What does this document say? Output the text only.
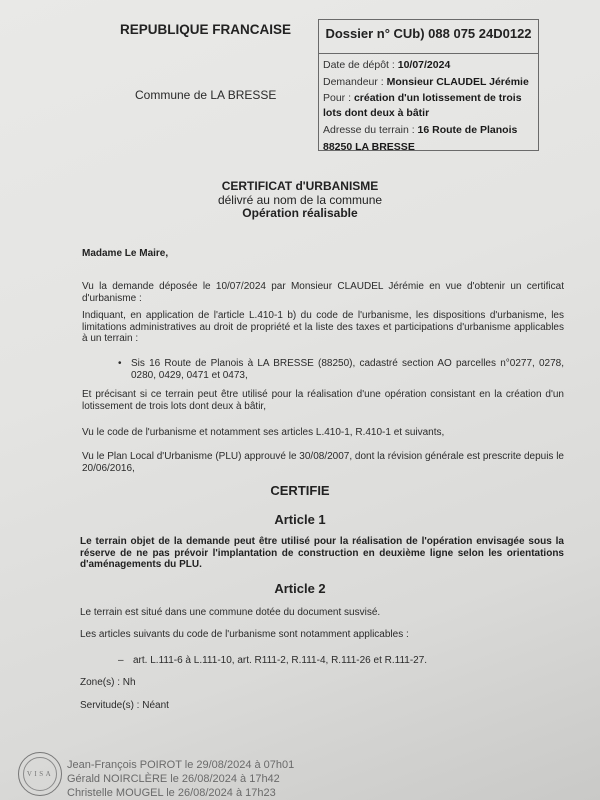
REPUBLIQUE FRANCAISE
Commune de LA BRESSE
Dossier n° CUb) 088 075 24D0122
Date de dépôt : 10/07/2024
Demandeur : Monsieur CLAUDEL Jérémie
Pour : création d'un lotissement de trois lots dont deux à bâtir
Adresse du terrain : 16 Route de Planois
88250 LA BRESSE
CERTIFICAT d'URBANISME
délivré au nom de la commune
Opération réalisable
Madame Le Maire,
Vu la demande déposée le 10/07/2024 par Monsieur CLAUDEL Jérémie en vue d'obtenir un certificat d'urbanisme :
Indiquant, en application de l'article L.410-1 b) du code de l'urbanisme, les dispositions d'urbanisme, les limitations administratives au droit de propriété et la liste des taxes et participations d'urbanisme applicables à un terrain :
• Sis 16 Route de Planois à LA BRESSE (88250), cadastré section AO parcelles n°0277, 0278, 0280, 0429, 0471 et 0473,
Et précisant si ce terrain peut être utilisé pour la réalisation d'une opération consistant en la création d'un lotissement de trois lots dont deux à bâtir,
Vu le code de l'urbanisme et notamment ses articles L.410-1, R.410-1 et suivants,
Vu le Plan Local d'Urbanisme (PLU) approuvé le 30/08/2007, dont la révision générale est prescrite depuis le 20/06/2016,
CERTIFIE
Article 1
Le terrain objet de la demande peut être utilisé pour la réalisation de l'opération envisagée sous la réserve de ne pas prévoir l'implantation de construction en deuxième ligne selon les orientations d'aménagements du PLU.
Article 2
Le terrain est situé dans une commune dotée du document susvisé.
Les articles suivants du code de l'urbanisme sont notamment applicables :
– art. L.111-6 à L.111-10, art. R111-2, R.111-4, R.111-26 et R.111-27.
Zone(s) : Nh
Servitude(s) : Néant
VISA
Jean-François POIROT le 29/08/2024 à 07h01
Gérald NOIRCLÈRE le 26/08/2024 à 17h42
Christelle MOUGEL le 26/08/2024 à 17h23
